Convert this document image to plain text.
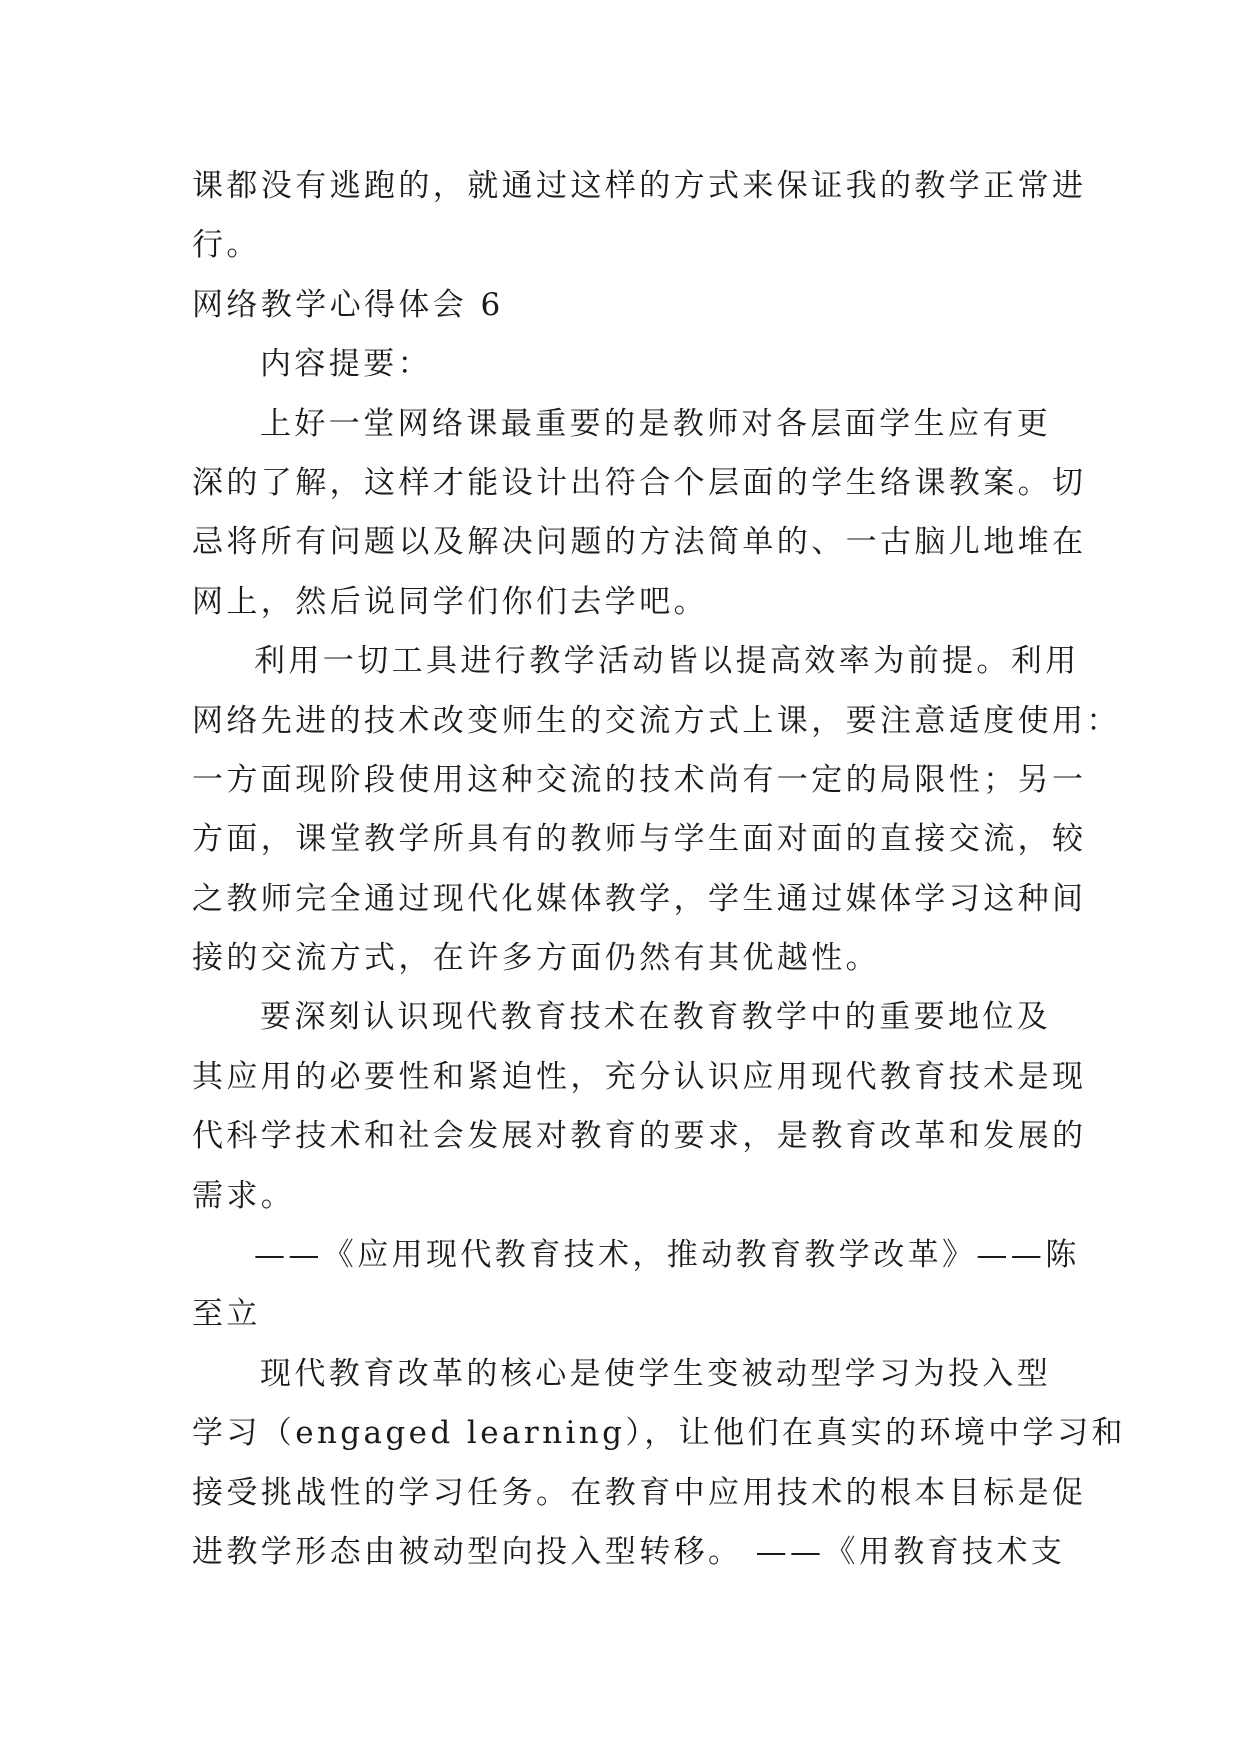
课都没有逃跑的，就通过这样的方式来保证我的教学正常进
行。
网络教学心得体会 6
内容提要：
上好一堂网络课最重要的是教师对各层面学生应有更
深的了解，这样才能设计出符合个层面的学生络课教案。切
忌将所有问题以及解决问题的方法简单的、一古脑儿地堆在
网上，然后说同学们你们去学吧。
利用一切工具进行教学活动皆以提高效率为前提。利用
网络先进的技术改变师生的交流方式上课，要注意适度使用：
一方面现阶段使用这种交流的技术尚有一定的局限性；另一
方面，课堂教学所具有的教师与学生面对面的直接交流，较
之教师完全通过现代化媒体教学，学生通过媒体学习这种间
接的交流方式，在许多方面仍然有其优越性。
要深刻认识现代教育技术在教育教学中的重要地位及
其应用的必要性和紧迫性，充分认识应用现代教育技术是现
代科学技术和社会发展对教育的要求，是教育改革和发展的
需求。
——《应用现代教育技术，推动教育教学改革》——陈
至立
现代教育改革的核心是使学生变被动型学习为投入型
学习（engaged learning），让他们在真实的环境中学习和
接受挑战性的学习任务。在教育中应用技术的根本目标是促
进教学形态由被动型向投入型转移。 ——《用教育技术支
